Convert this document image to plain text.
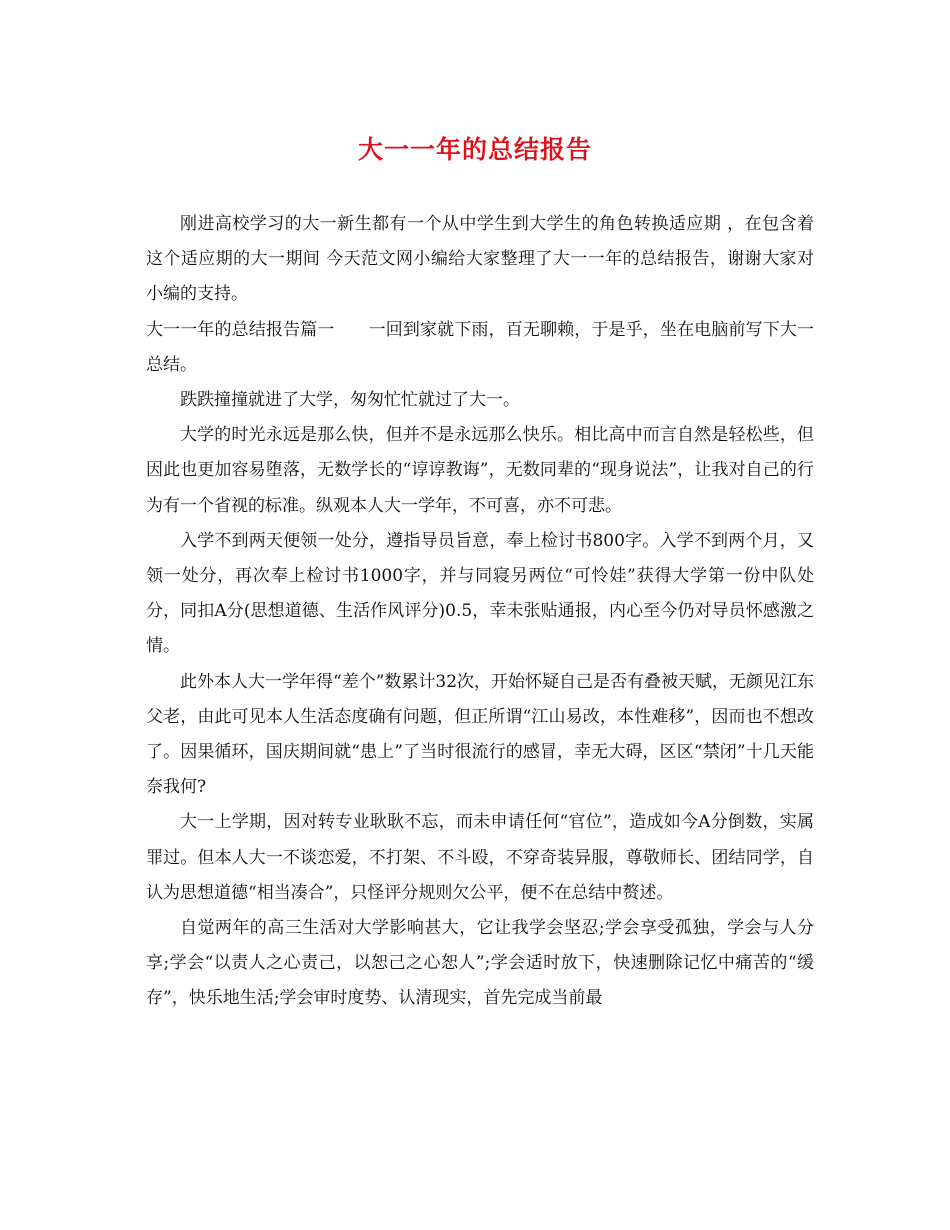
大一一年的总结报告

刚进高校学习的大一新生都有一个从中学生到大学生的角色转换适应期 ，在包含着这个适应期的大一期间 今天范文网小编给大家整理了大一一年的总结报告，谢谢大家对小编的支持。

大一一年的总结报告篇一 一回到家就下雨，百无聊赖，于是乎，坐在电脑前写下大一总结。

跌跌撞撞就进了大学，匆匆忙忙就过了大一。

大学的时光永远是那么快，但并不是永远那么快乐。相比高中而言自然是轻松些，但因此也更加容易堕落，无数学长的“谆谆教诲”，无数同辈的“现身说法”，让我对自己的行为有一个省视的标准。纵观本人大一学年，不可喜，亦不可悲。

入学不到两天便领一处分，遵指导员旨意，奉上检讨书800字。入学不到两个月，又领一处分，再次奉上检讨书1000字，并与同寝另两位“可怜娃”获得大学第一份中队处分，同扣A分(思想道德、生活作风评分)0.5，幸未张贴通报，内心至今仍对导员怀感激之情。

此外本人大一学年得“差个”数累计32次，开始怀疑自己是否有叠被天赋，无颜见江东父老，由此可见本人生活态度确有问题，但正所谓“江山易改，本性难移”，因而也不想改了。因果循环，国庆期间就“患上”了当时很流行的感冒，幸无大碍，区区“禁闭”十几天能奈我何?

大一上学期，因对转专业耿耿不忘，而未申请任何“官位”，造成如今A分倒数，实属罪过。但本人大一不谈恋爱，不打架、不斗殴，不穿奇装异服，尊敬师长、团结同学，自认为思想道德“相当凑合”，只怪评分规则欠公平，便不在总结中赘述。

自觉两年的高三生活对大学影响甚大，它让我学会坚忍;学会享受孤独，学会与人分享;学会“以责人之心责己，以恕己之心恕人”;学会适时放下，快速删除记忆中痛苦的“缓存”，快乐地生活;学会审时度势、认清现实，首先完成当前最
